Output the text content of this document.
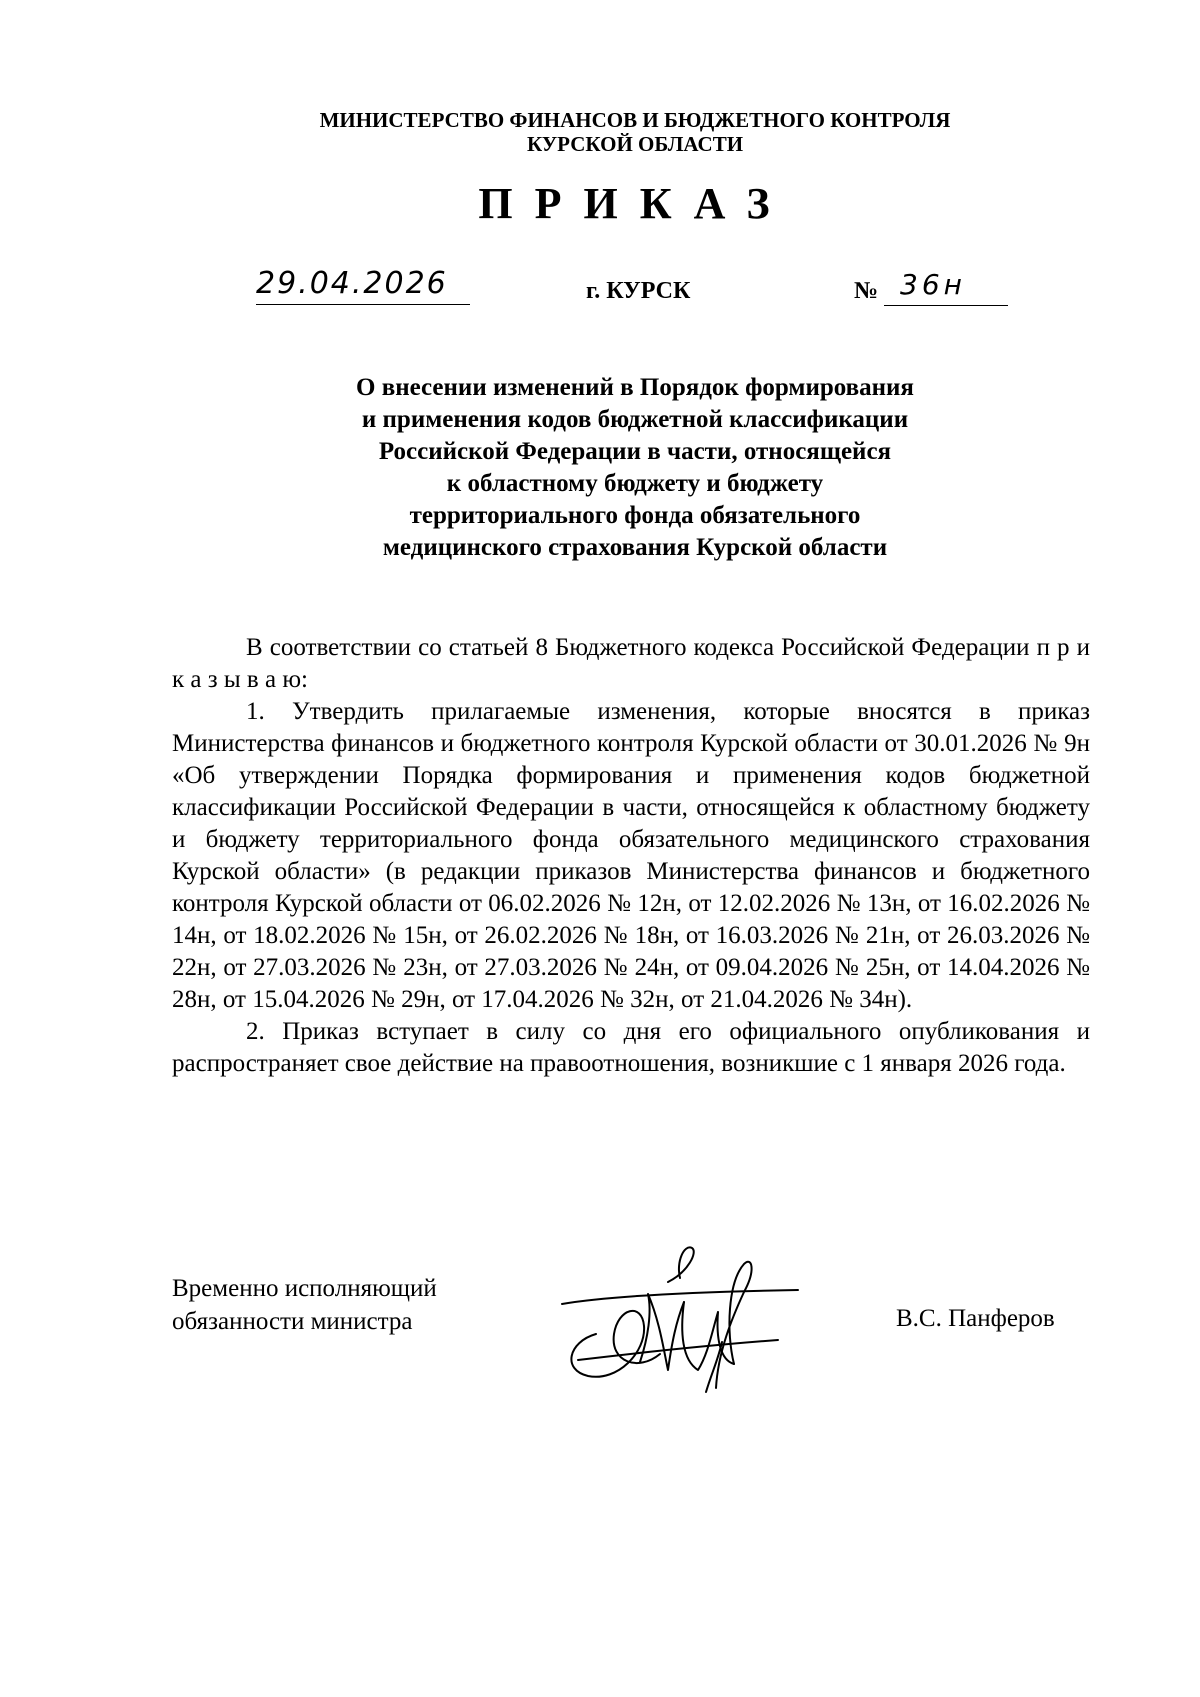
МИНИСТЕРСТВО ФИНАНСОВ И БЮДЖЕТНОГО КОНТРОЛЯ
КУРСКОЙ ОБЛАСТИ
ПРИКАЗ
29.04.2026	г. КУРСК	№ 36н
О внесении изменений в Порядок формирования
и применения кодов бюджетной классификации
Российской Федерации в части, относящейся
к областному бюджету и бюджету
территориального фонда обязательного
медицинского страхования Курской области

В соответствии со статьей 8 Бюджетного кодекса Российской Федерации п р и к а з ы в а ю:

1. Утвердить прилагаемые изменения, которые вносятся в приказ Министерства финансов и бюджетного контроля Курской области от 30.01.2026 № 9н «Об утверждении Порядка формирования и применения кодов бюджетной классификации Российской Федерации в части, относящейся к областному бюджету и бюджету территориального фонда обязательного медицинского страхования Курской области» (в редакции приказов Министерства финансов и бюджетного контроля Курской области от 06.02.2026 № 12н, от 12.02.2026 № 13н, от 16.02.2026 № 14н, от 18.02.2026 № 15н, от 26.02.2026 № 18н, от 16.03.2026 № 21н, от 26.03.2026 № 22н, от 27.03.2026 № 23н, от 27.03.2026 № 24н, от 09.04.2026 № 25н, от 14.04.2026 № 28н, от 15.04.2026 № 29н, от 17.04.2026 № 32н, от 21.04.2026 № 34н).

2. Приказ вступает в силу со дня его официального опубликования и распространяет свое действие на правоотношения, возникшие с 1 января 2026 года.

Временно исполняющий
обязанности министра	В.С. Панферов
